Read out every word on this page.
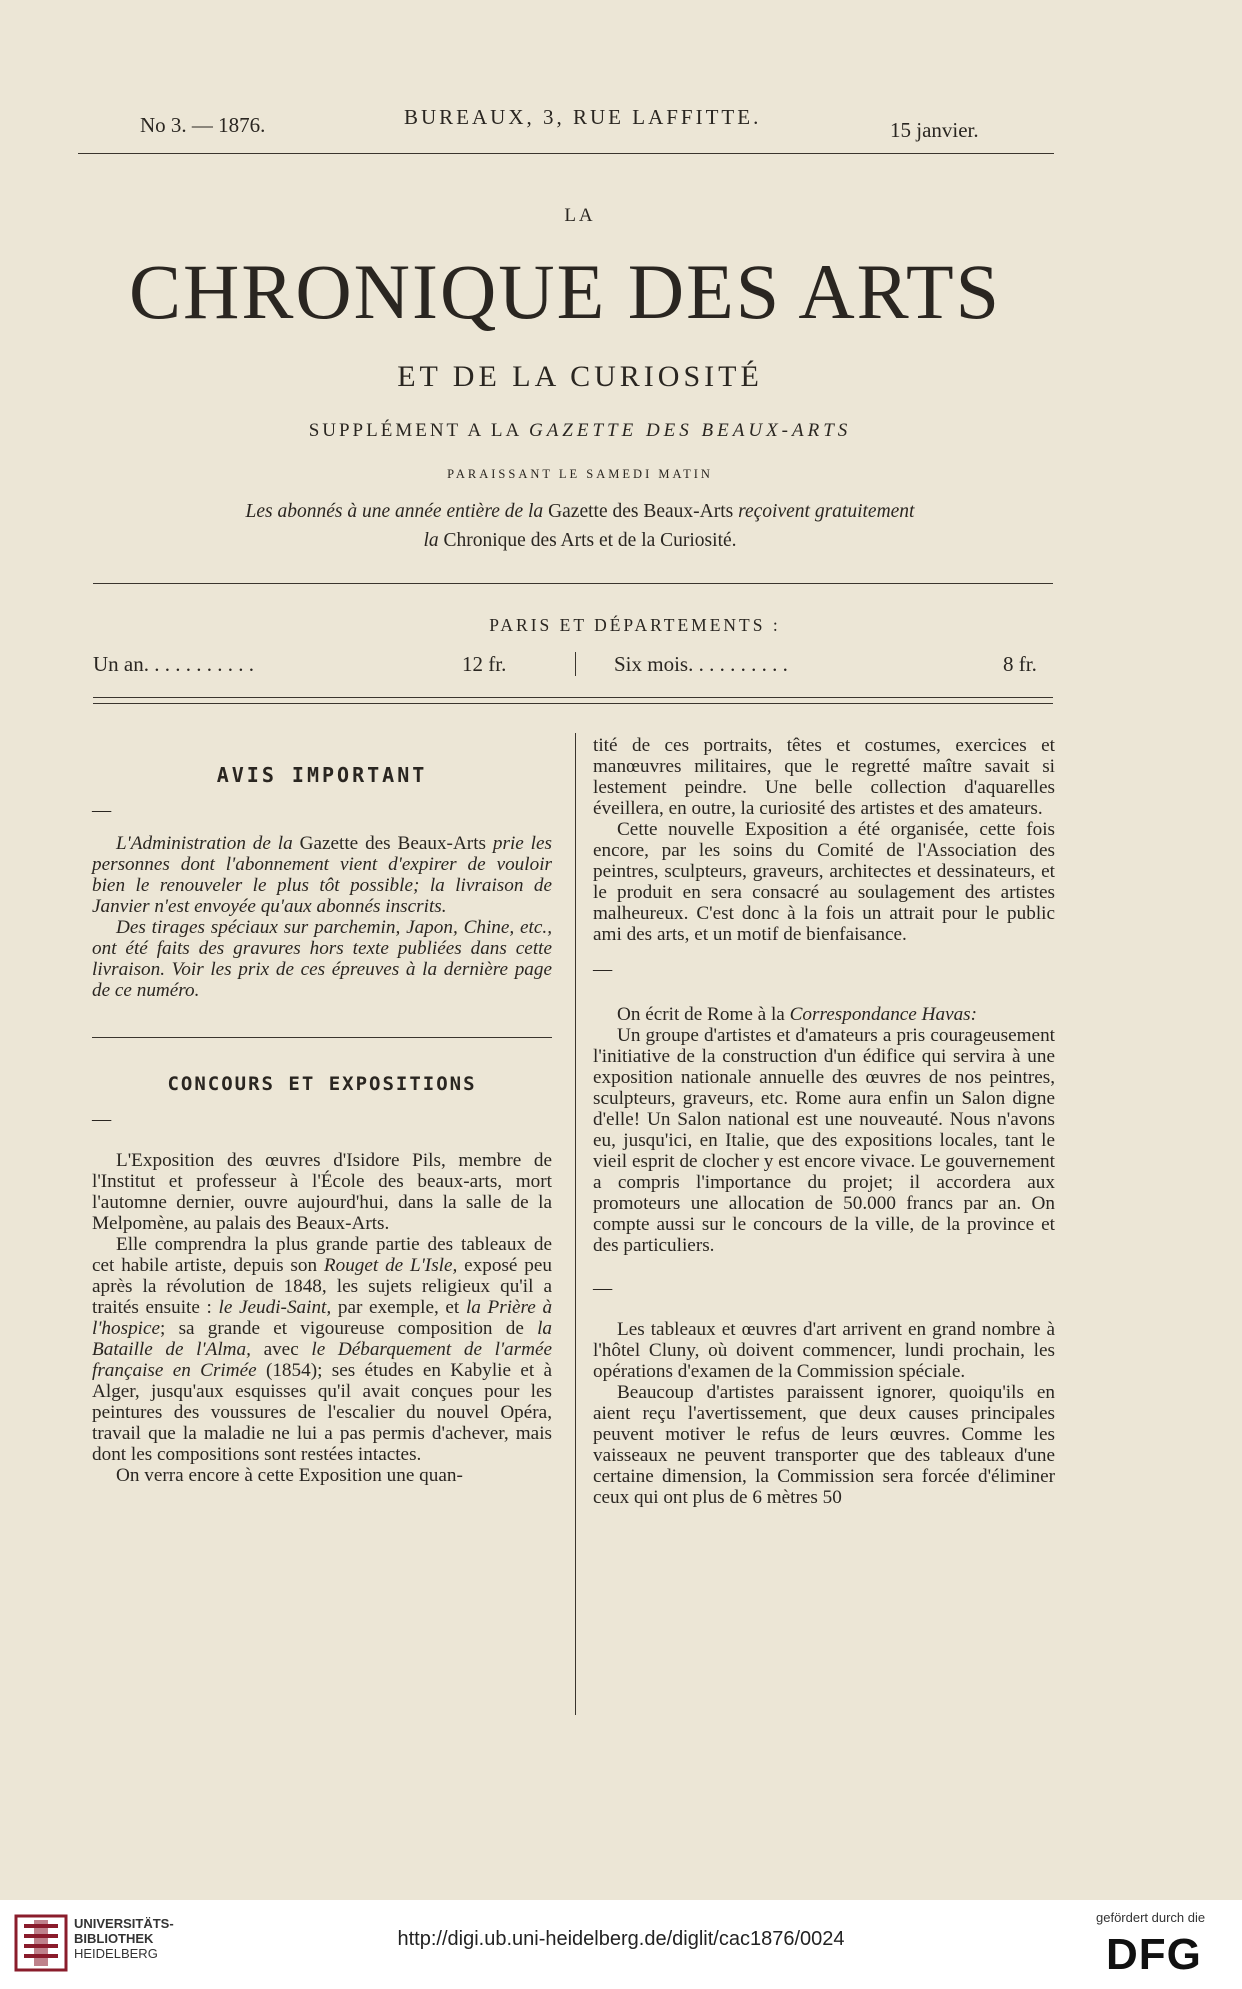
No 3. — 1876.	BUREAUX, 3, RUE LAFFITTE.
15 janvier.
LA
CHRONIQUE DES ARTS
ET DE LA CURIOSITÉ
SUPPLÉMENT A LA GAZETTE DES BEAUX-ARTS
PARAISSANT LE SAMEDI MATIN
Les abonnés à une année entière de la Gazette des Beaux-Arts reçoivent gratuitement
la Chronique des Arts et de la Curiosité.
PARIS ET DÉPARTEMENTS :
Un an. . . . . . . . . . .	12 fr.	Six mois. . . . . . . . . .	8 fr.

AVIS IMPORTANT

—

L'Administration de la Gazette des Beaux-Arts prie les personnes dont l'abonnement vient d'expirer de vouloir bien le renouveler le plus tôt possible; la livraison de Janvier n'est envoyée qu'aux abonnés inscrits.

Des tirages spéciaux sur parchemin, Japon, Chine, etc., ont été faits des gravures hors texte publiées dans cette livraison. Voir les prix de ces épreuves à la dernière page de ce numéro.

CONCOURS ET EXPOSITIONS

—

L'Exposition des œuvres d'Isidore Pils, membre de l'Institut et professeur à l'École des beaux-arts, mort l'automne dernier, ouvre aujourd'hui, dans la salle de la Melpomène, au palais des Beaux-Arts.

Elle comprendra la plus grande partie des tableaux de cet habile artiste, depuis son Rouget de L'Isle, exposé peu après la révolution de 1848, les sujets religieux qu'il a traités ensuite : le Jeudi-Saint, par exemple, et la Prière à l'hospice; sa grande et vigoureuse composition de la Bataille de l'Alma, avec le Débarquement de l'armée française en Crimée (1854); ses études en Kabylie et à Alger, jusqu'aux esquisses qu'il avait conçues pour les peintures des voussures de l'escalier du nouvel Opéra, travail que la maladie ne lui a pas permis d'achever, mais dont les compositions sont restées intactes.

On verra encore à cette Exposition une quan-

tité de ces portraits, têtes et costumes, exercices et manœuvres militaires, que le regretté maître savait si lestement peindre. Une belle collection d'aquarelles éveillera, en outre, la curiosité des artistes et des amateurs.

Cette nouvelle Exposition a été organisée, cette fois encore, par les soins du Comité de l'Association des peintres, sculpteurs, graveurs, architectes et dessinateurs, et le produit en sera consacré au soulagement des artistes malheureux. C'est donc à la fois un attrait pour le public ami des arts, et un motif de bienfaisance.

—

On écrit de Rome à la Correspondance Havas:

Un groupe d'artistes et d'amateurs a pris courageusement l'initiative de la construction d'un édifice qui servira à une exposition nationale annuelle des œuvres de nos peintres, sculpteurs, graveurs, etc. Rome aura enfin un Salon digne d'elle! Un Salon national est une nouveauté. Nous n'avons eu, jusqu'ici, en Italie, que des expositions locales, tant le vieil esprit de clocher y est encore vivace. Le gouvernement a compris l'importance du projet; il accordera aux promoteurs une allocation de 50.000 francs par an. On compte aussi sur le concours de la ville, de la province et des particuliers.

—

Les tableaux et œuvres d'art arrivent en grand nombre à l'hôtel Cluny, où doivent commencer, lundi prochain, les opérations d'examen de la Commission spéciale.

Beaucoup d'artistes paraissent ignorer, quoiqu'ils en aient reçu l'avertissement, que deux causes principales peuvent motiver le refus de leurs œuvres. Comme les vaisseaux ne peuvent transporter que des tableaux d'une certaine dimension, la Commission sera forcée d'éliminer ceux qui ont plus de 6 mètres 50

UNIVERSITÄTS-
BIBLIOTHEK
HEIDELBERG
http://digi.ub.uni-heidelberg.de/diglit/cac1876/0024
gefördert durch die
DFG
